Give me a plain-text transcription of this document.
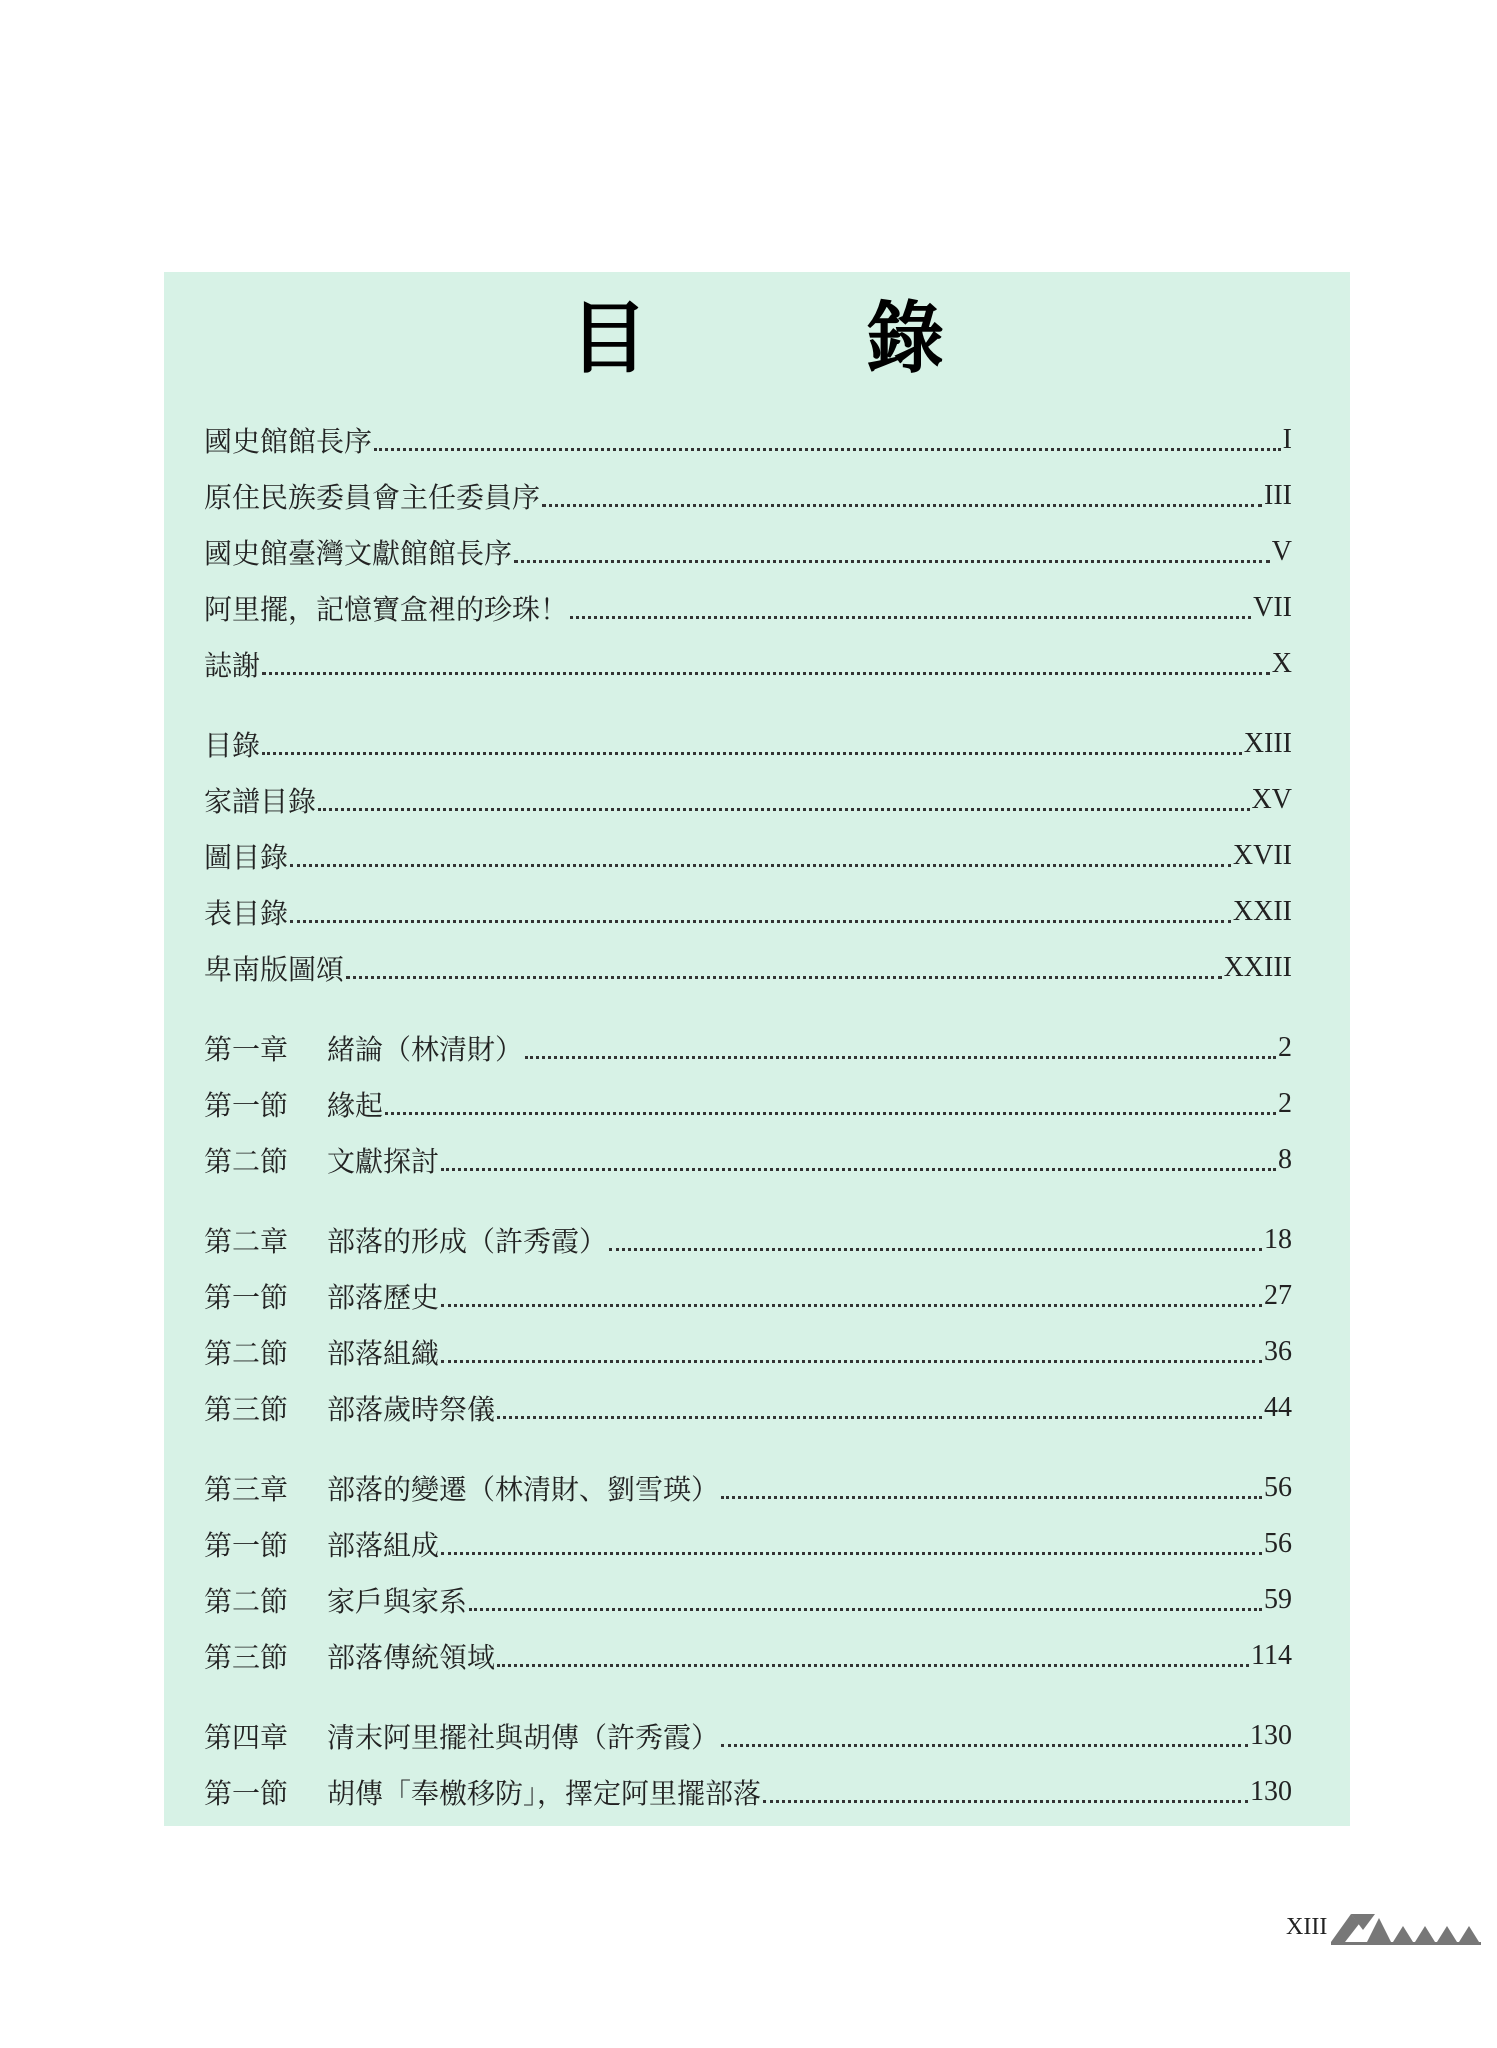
目　錄
國史館館長序	I
原住民族委員會主任委員序	III
國史館臺灣文獻館館長序	V
阿里擺，記憶寶盒裡的珍珠！	VII
誌謝	X
目錄	XIII
家譜目錄	XV
圖目錄	XVII
表目錄	XXII
卑南版圖頌	XXIII
第一章 緒論（林清財）	2
第一節 緣起	2
第二節 文獻探討	8
第二章 部落的形成（許秀霞）	18
第一節 部落歷史	27
第二節 部落組織	36
第三節 部落歲時祭儀	44
第三章 部落的變遷（林清財、劉雪瑛）	56
第一節 部落組成	56
第二節 家戶與家系	59
第三節 部落傳統領域	114
第四章 清末阿里擺社與胡傳（許秀霞）	130
第一節 胡傳「奉檄移防」，擇定阿里擺部落	130
XIII
